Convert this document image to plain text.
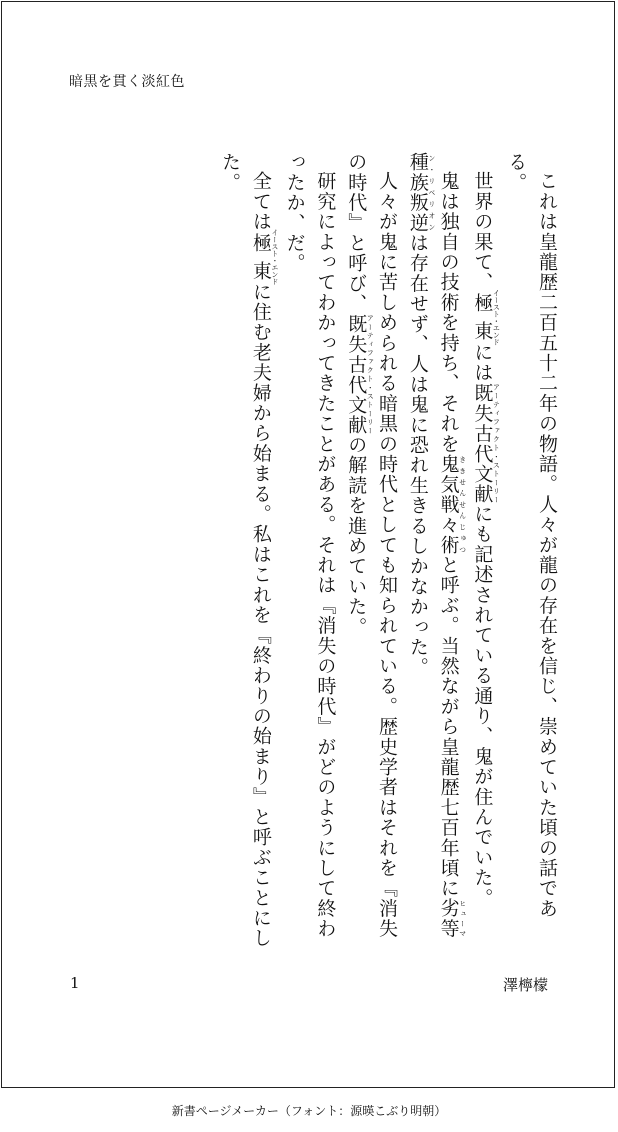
暗黒を貫く淡紅色

これは皇龍歴二百五十二年の物語。人々が龍の存在を信じ、崇めていた頃の話である。

世界の果て、極東 イースト・エンドには既失古代文献 アーティファクト・ストーリーにも記述されている通り、鬼が住んでいた。

鬼は独自の技術を持ち、それを鬼気戦々術 ききせんせんじゅつと呼ぶ。当然ながら皇龍歴七百年頃に劣等種族叛逆ヒューマン・リベリオンは存在せず、人は鬼に恐れ生きるしかなかった。

人々が鬼に苦しめられる暗黒の時代としても知られている。歴史学者はそれを『消失の時代』と呼び、既失古代文献 アーティファクト・ストーリーの解読を進めていた。

研究によってわかってきたことがある。それは『消失の時代』がどのようにして終わったか、だ。

全ては極東 イースト・エンドに住む老夫婦から始まる。私はこれを『終わりの始まり』と呼ぶことにした。

1	澤檸檬
新書ページメーカー（フォント：源暎こぶり明朝）
